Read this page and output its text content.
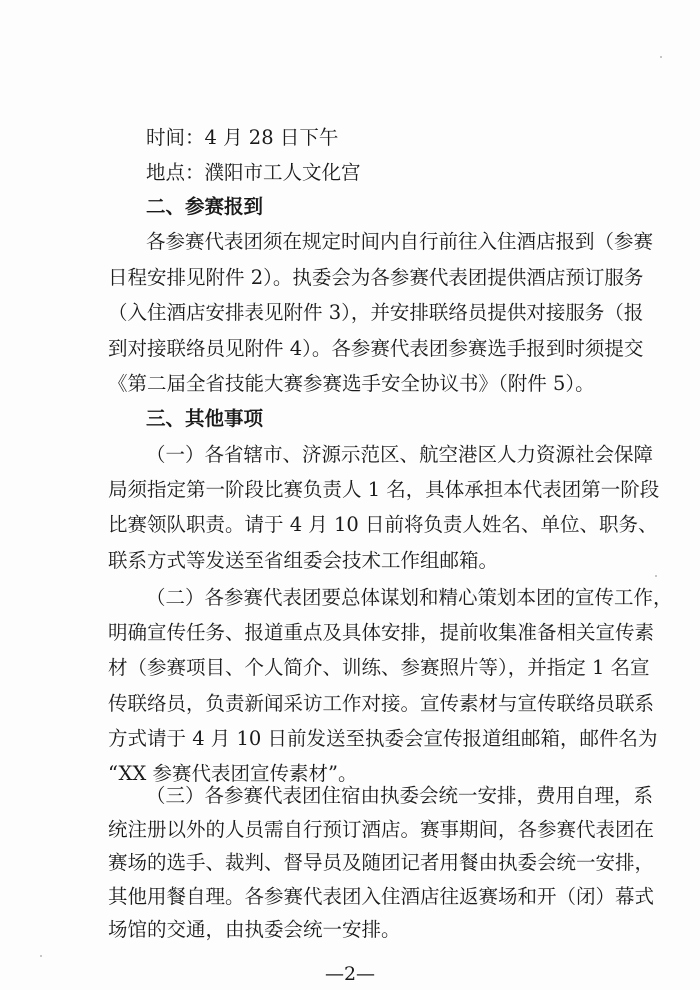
时间：4 月 28 日下午
地点：濮阳市工人文化宫
二、参赛报到
各参赛代表团须在规定时间内自行前往入住酒店报到（参赛
日程安排见附件 2）。执委会为各参赛代表团提供酒店预订服务
（入住酒店安排表见附件 3），并安排联络员提供对接服务（报
到对接联络员见附件 4）。各参赛代表团参赛选手报到时须提交
《第二届全省技能大赛参赛选手安全协议书》（附件 5）。
三、其他事项
（一）各省辖市、济源示范区、航空港区人力资源社会保障
局须指定第一阶段比赛负责人 1 名，具体承担本代表团第一阶段
比赛领队职责。请于 4 月 10 日前将负责人姓名、单位、职务、
联系方式等发送至省组委会技术工作组邮箱。
（二）各参赛代表团要总体谋划和精心策划本团的宣传工作，
明确宣传任务、报道重点及具体安排，提前收集准备相关宣传素
材（参赛项目、个人简介、训练、参赛照片等），并指定 1 名宣
传联络员，负责新闻采访工作对接。宣传素材与宣传联络员联系
方式请于 4 月 10 日前发送至执委会宣传报道组邮箱，邮件名为
“XX 参赛代表团宣传素材”。
（三）各参赛代表团住宿由执委会统一安排，费用自理，系
统注册以外的人员需自行预订酒店。赛事期间，各参赛代表团在
赛场的选手、裁判、督导员及随团记者用餐由执委会统一安排，
—2—
其他用餐自理。各参赛代表团入住酒店往返赛场和开（闭）幕式
场馆的交通，由执委会统一安排。
